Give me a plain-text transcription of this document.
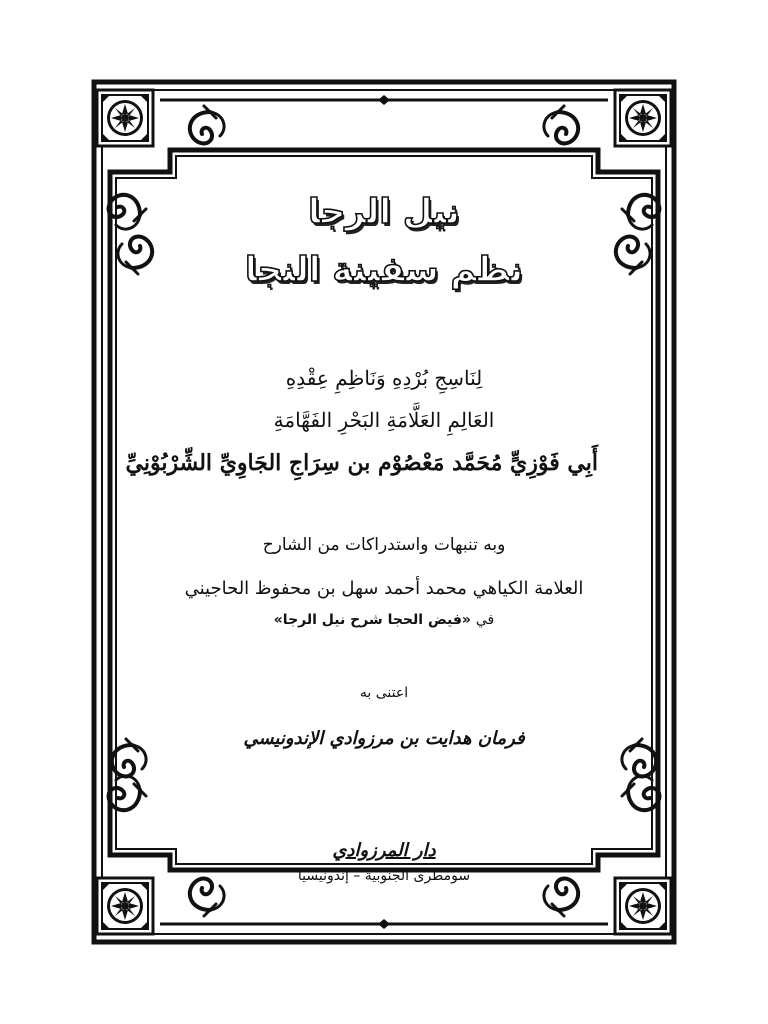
نيل الرجا
نظم سفينة النجا
لِنَاسِجِ بُرْدِهِ وَنَاظِمِ عِقْدِهِ
العَالِمِ العَلَّامَةِ البَحْرِ الفَهَّامَةِ
أَبِي فَوْزِيٍّ مُحَمَّد مَعْصُوْم بن سِرَاجِ الجَاوِيِّ الشِّرْبُوْنِيِّ
وبه تنبهات واستدراكات من الشارح
العلامة الكياهي محمد أحمد سهل بن محفوظ الحاجيني
في «فيض الحجا شرح نيل الرجا»
اعتنى به
فرمان هدايت بن مرزوادي الإندونيسي
دار المرزوادي
سومطرى الجنوبية – إندونيسيا
